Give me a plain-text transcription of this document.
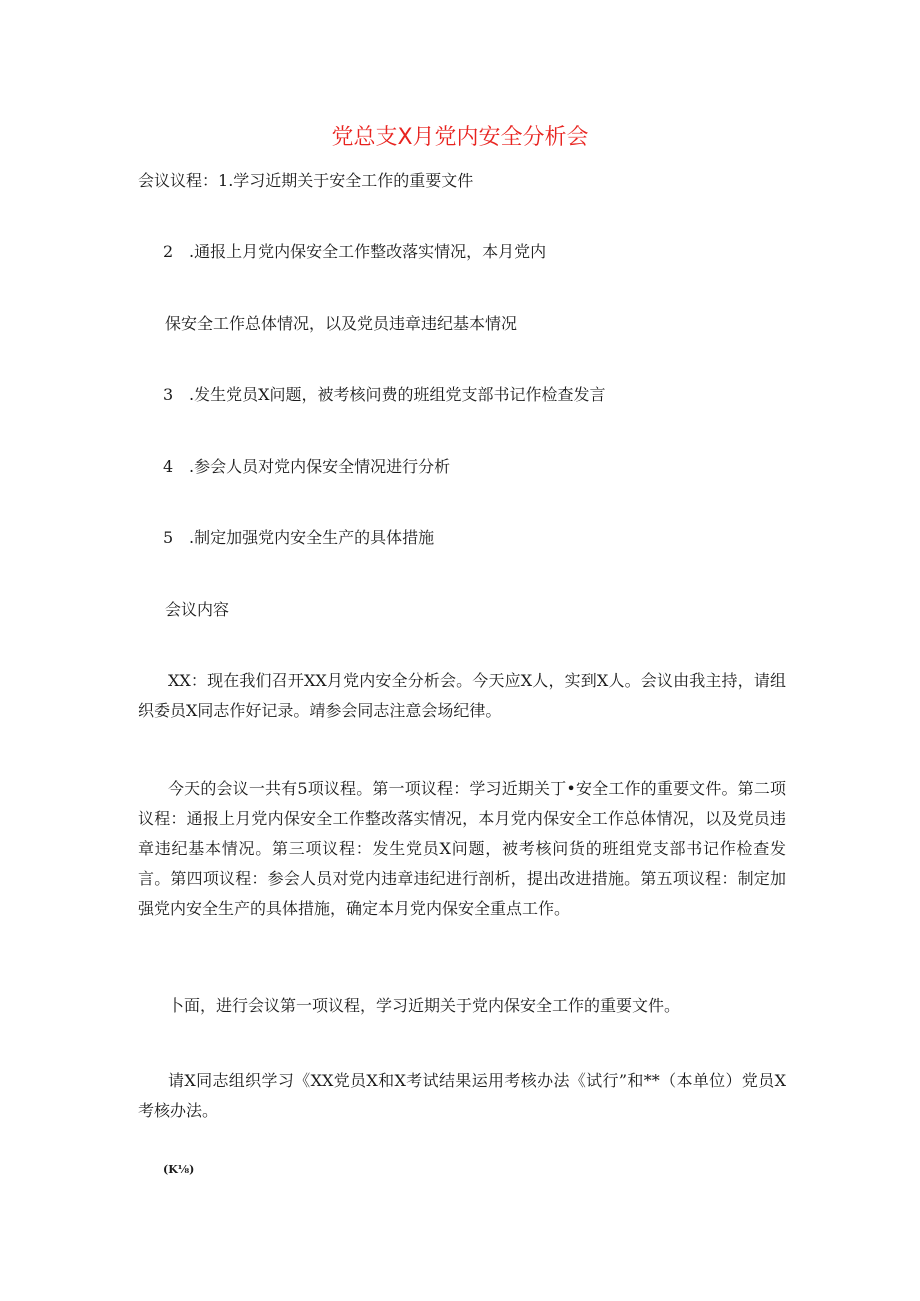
党总支X月党内安全分析会
会议议程：1.学习近期关于安全工作的重要文件
2 .通报上月党内保安全工作整改落实情况，本月党内
保安全工作总体情况，以及党员违章违纪基本情况
3 .发生党员X问题，被考核问费的班组党支部书记作检查发言
4 .参会人员对党内保安全情况进行分析
5 .制定加强党内安全生产的具体措施
会议内容
XX：现在我们召开XX月党内安全分析会。今天应X人，实到X人。会议由我主持，请组织委员X同志作好记录。靖参会同志注意会场纪律。
今天的会议一共有5项议程。第一项议程：学习近期关丁•安全工作的重要文件。第二项议程：通报上月党内保安全工作整改落实情况，本月党内保安全工作总体情况，以及党员违章违纪基本情况。第三项议程：发生党员X问题，被考核问货的班组党支部书记作检查发言。第四项议程：参会人员对党内违章违纪进行剖析，提出改进措施。第五项议程：制定加强党内安全生产的具体措施，确定本月党内保安全重点工作。
卜面，进行会议第一项议程，学习近期关于党内保安全工作的重要文件。
请X同志组织学习《XX党员X和X考试结果运用考核办法《试行”和**（本单位）党员X考核办法。
(K⅛)
